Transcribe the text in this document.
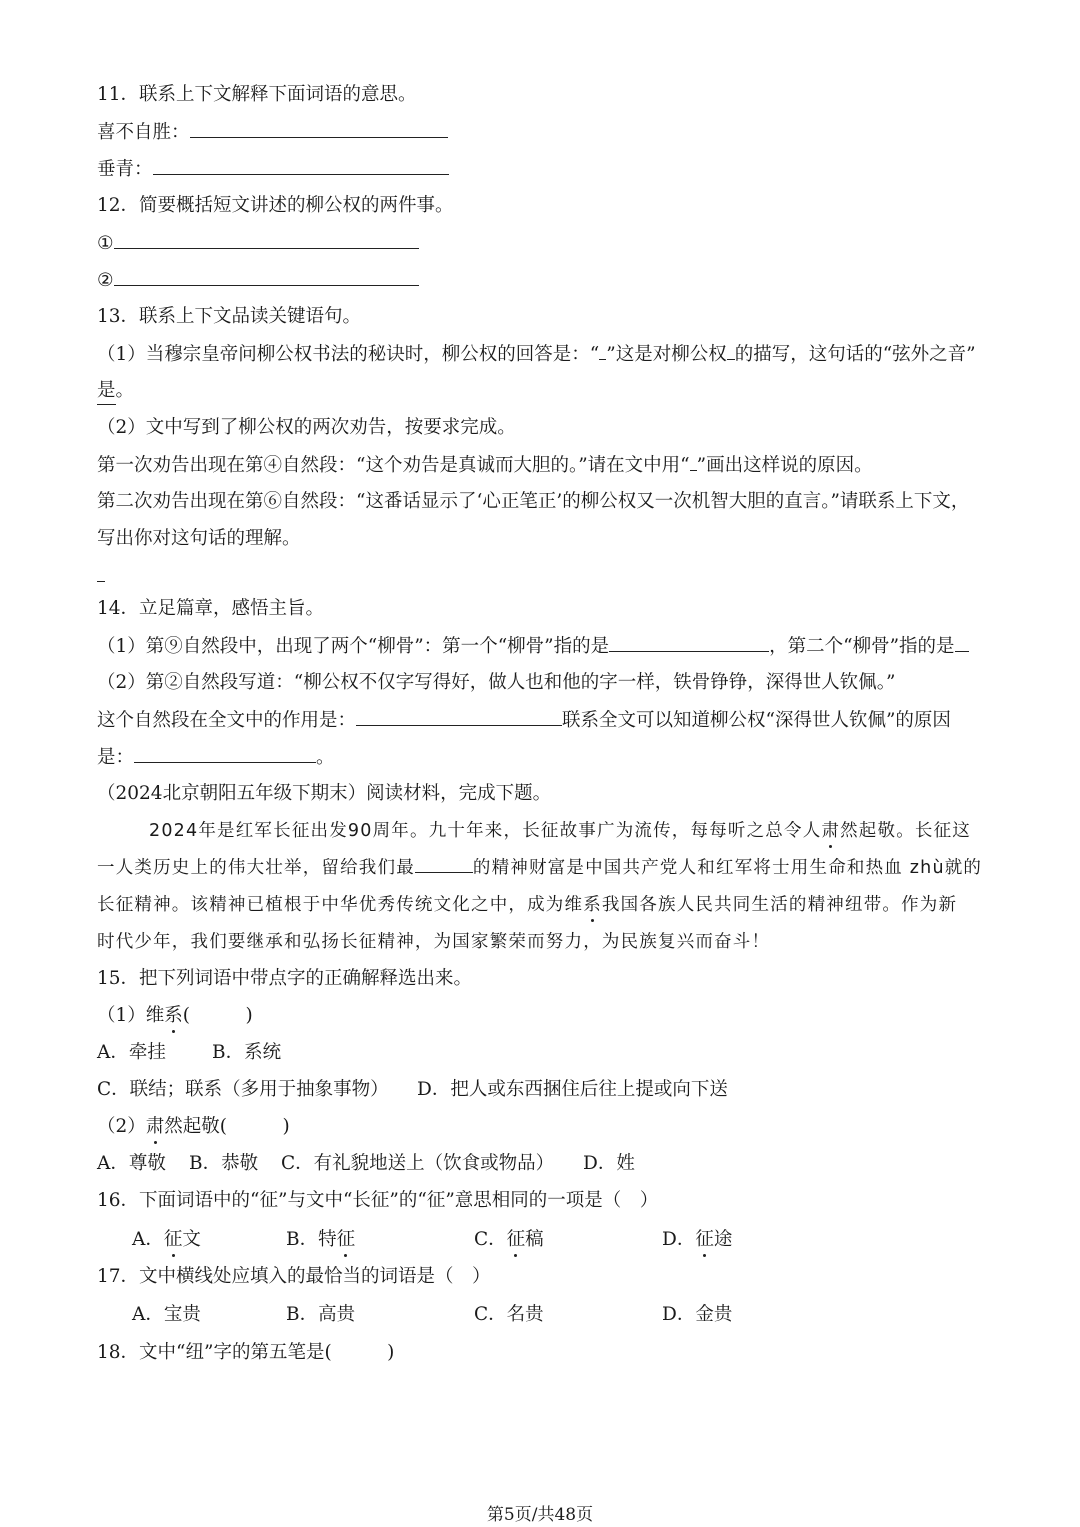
11．联系上下文解释下面词语的意思。
喜不自胜：
垂青：
12．简要概括短文讲述的柳公权的两件事。
①
②
13．联系上下文品读关键语句。
（1）当穆宗皇帝问柳公权书法的秘诀时，柳公权的回答是：“ ”这是对柳公权 的描写，这句话的“弦外之音”
是。
（2）文中写到了柳公权的两次劝告，按要求完成。
第一次劝告出现在第④自然段：“这个劝告是真诚而大胆的。”请在文中用“ ”画出这样说的原因。
第二次劝告出现在第⑥自然段：“这番话显示了‘心正笔正’的柳公权又一次机智大胆的直言。”请联系上下文，
写出你对这句话的理解。
14．立足篇章，感悟主旨。
（1）第⑨自然段中，出现了两个“柳骨”：第一个“柳骨”指的是	，第二个“柳骨”指的是
（2）第②自然段写道：“柳公权不仅字写得好，做人也和他的字一样，铁骨铮铮，深得世人钦佩。”
这个自然段在全文中的作用是：	联系全文可以知道柳公权“深得世人钦佩”的原因
是：	。
（2024北京朝阳五年级下期末）阅读材料，完成下题。
2024年是红军长征出发90周年。九十年来，长征故事广为流传，每每听之总令人肃然起敬。长征这
一人类历史上的伟大壮举，留给我们最	的精神财富是中国共产党人和红军将士用生命和热血 zhù就的
长征精神。该精神已植根于中华优秀传统文化之中，成为维系我国各族人民共同生活的精神纽带。作为新
时代少年，我们要继承和弘扬长征精神，为国家繁荣而努力，为民族复兴而奋斗！
15．把下列词语中带点字的正确解释选出来。
（1）维系(　　　)
A．牵挂 B．系统
C．联结；联系（多用于抽象事物） D．把人或东西捆住后往上提或向下送
（2）肃然起敬(　　　)
A．尊敬 B．恭敬 C．有礼貌地送上（饮食或物品） D．姓
16．下面词语中的“征”与文中“长征”的“征”意思相同的一项是（　）
A．征文	B．特征	C．征稿	D．征途
17．文中横线处应填入的最恰当的词语是（　）
A．宝贵	B．高贵	C．名贵	D．金贵
18．文中“纽”字的第五笔是(　　　)
第5页/共48页
